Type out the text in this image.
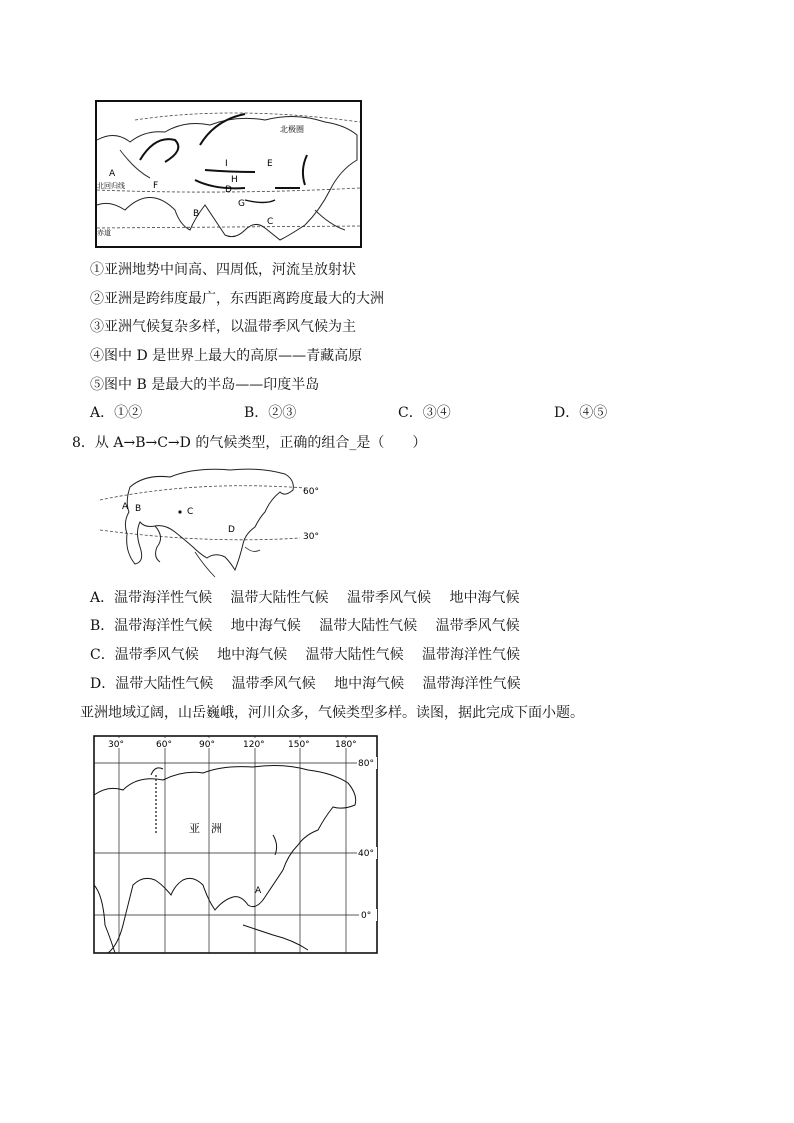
北极圈
北回归线
赤道
A
B
C
D
E
F
G
H
I
①亚洲地势中间高、四周低，河流呈放射状
②亚洲是跨纬度最广，东西距离跨度最大的大洲
③亚洲气候复杂多样，以温带季风气候为主
④图中 D 是世界上最大的高原——青藏高原
⑤图中 B 是最大的半岛——印度半岛
A．①②	B．②③	C．③④	D．④⑤
8．从 A→B→C→D 的气候类型，正确的组合_是（　　）
60°
30°
A B	C
D
A．温带海洋性气候　 温带大陆性气候　 温带季风气候　 地中海气候
B．温带海洋性气候　 地中海气候　 温带大陆性气候　 温带季风气候
C．温带季风气候　 地中海气候　 温带大陆性气候　 温带海洋性气候
D．温带大陆性气候　 温带季风气候　 地中海气候　 温带海洋性气候
亚洲地域辽阔，山岳巍峨，河川众多，气候类型多样。读图，据此完成下面小题。
30°	60°	90°	120°	150°	180°
80°
40°
0°
亚　洲
A
